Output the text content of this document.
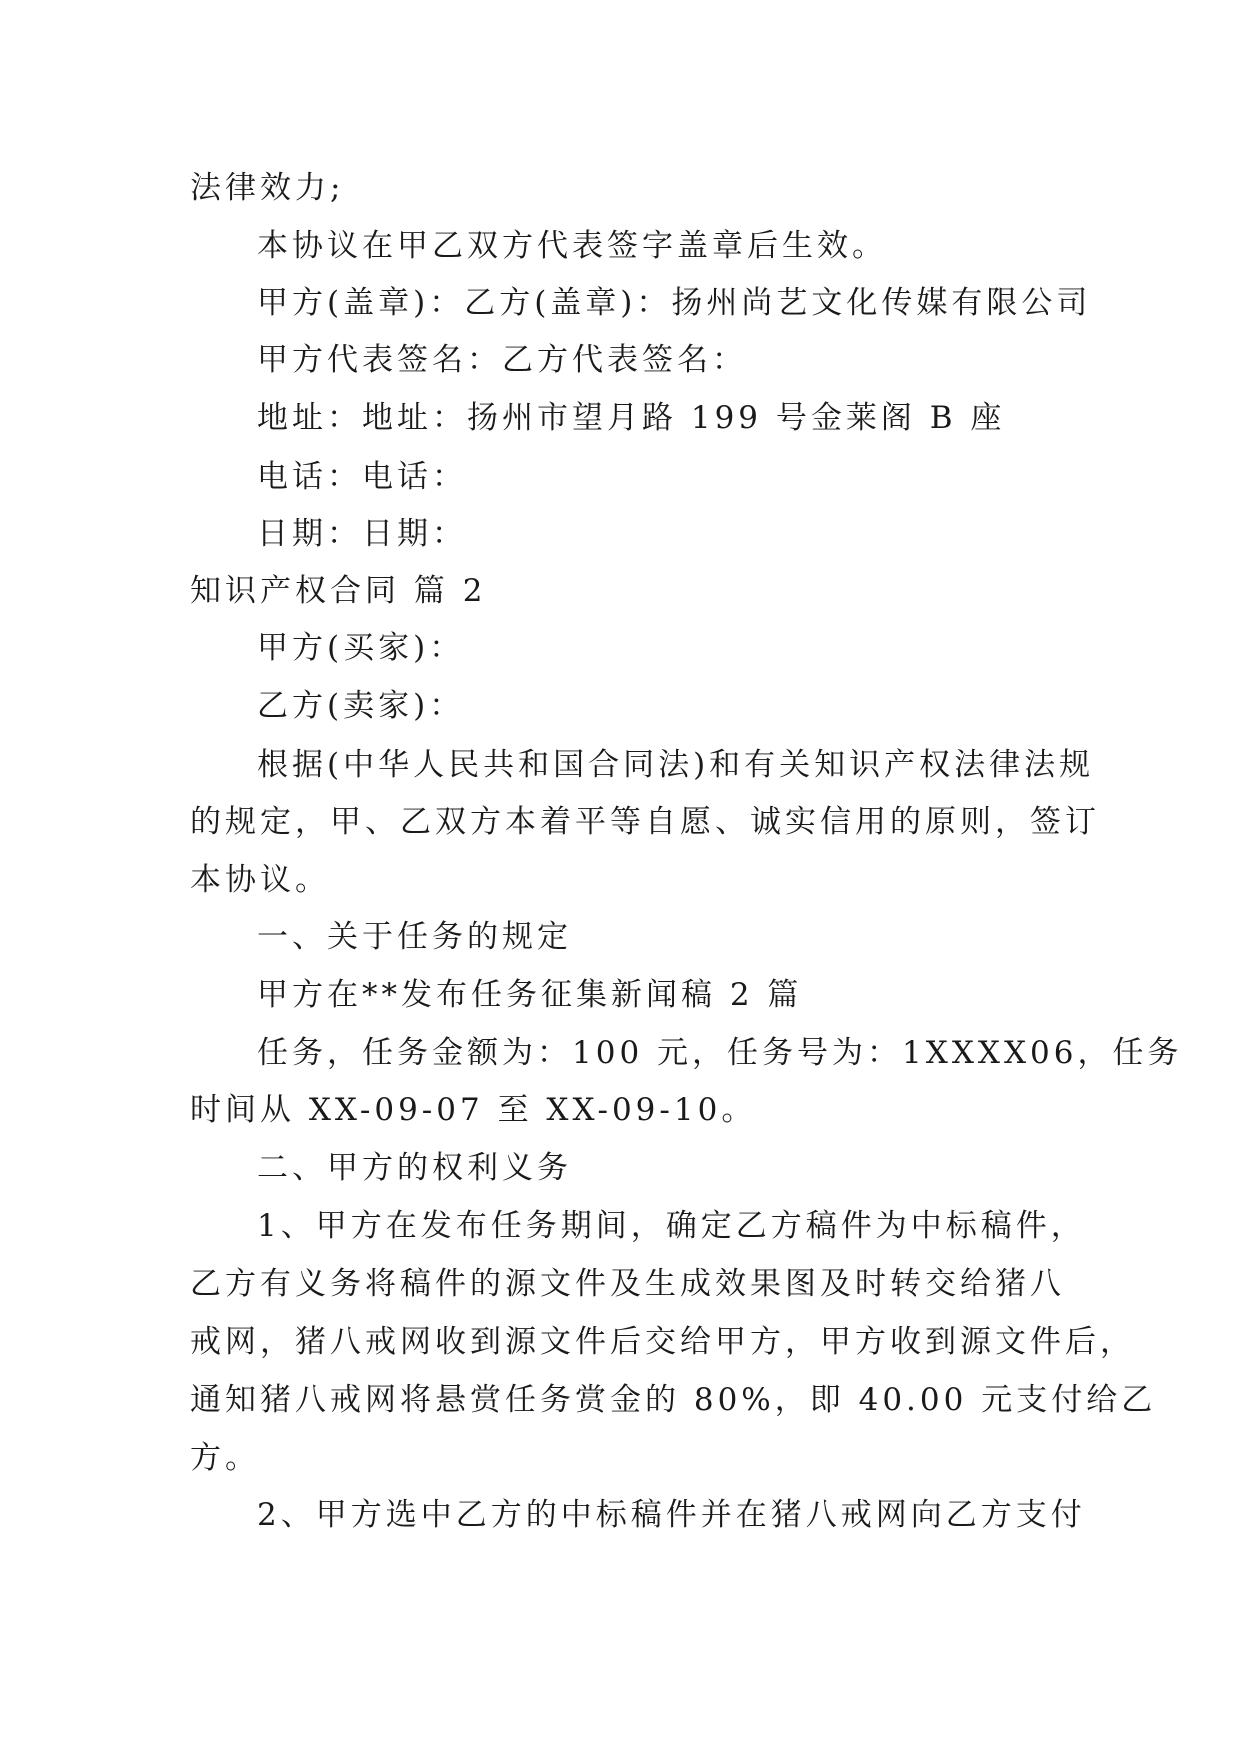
法律效力;
本协议在甲乙双方代表签字盖章后生效。
甲方(盖章)：乙方(盖章)：扬州尚艺文化传媒有限公司
甲方代表签名：乙方代表签名：
地址：地址：扬州市望月路 199 号金莱阁 B 座
电话：电话：
日期：日期：
知识产权合同 篇 2
甲方(买家)：
乙方(卖家)：
根据(中华人民共和国合同法)和有关知识产权法律法规
的规定，甲、乙双方本着平等自愿、诚实信用的原则，签订
本协议。
一、关于任务的规定
甲方在**发布任务征集新闻稿 2 篇
任务，任务金额为：100 元，任务号为：1XXXX06，任务
时间从 XX-09-07 至 XX-09-10。
二、甲方的权利义务
1、甲方在发布任务期间，确定乙方稿件为中标稿件，
乙方有义务将稿件的源文件及生成效果图及时转交给猪八
戒网，猪八戒网收到源文件后交给甲方，甲方收到源文件后，
通知猪八戒网将悬赏任务赏金的 80%，即 40.00 元支付给乙
方。
2、甲方选中乙方的中标稿件并在猪八戒网向乙方支付
